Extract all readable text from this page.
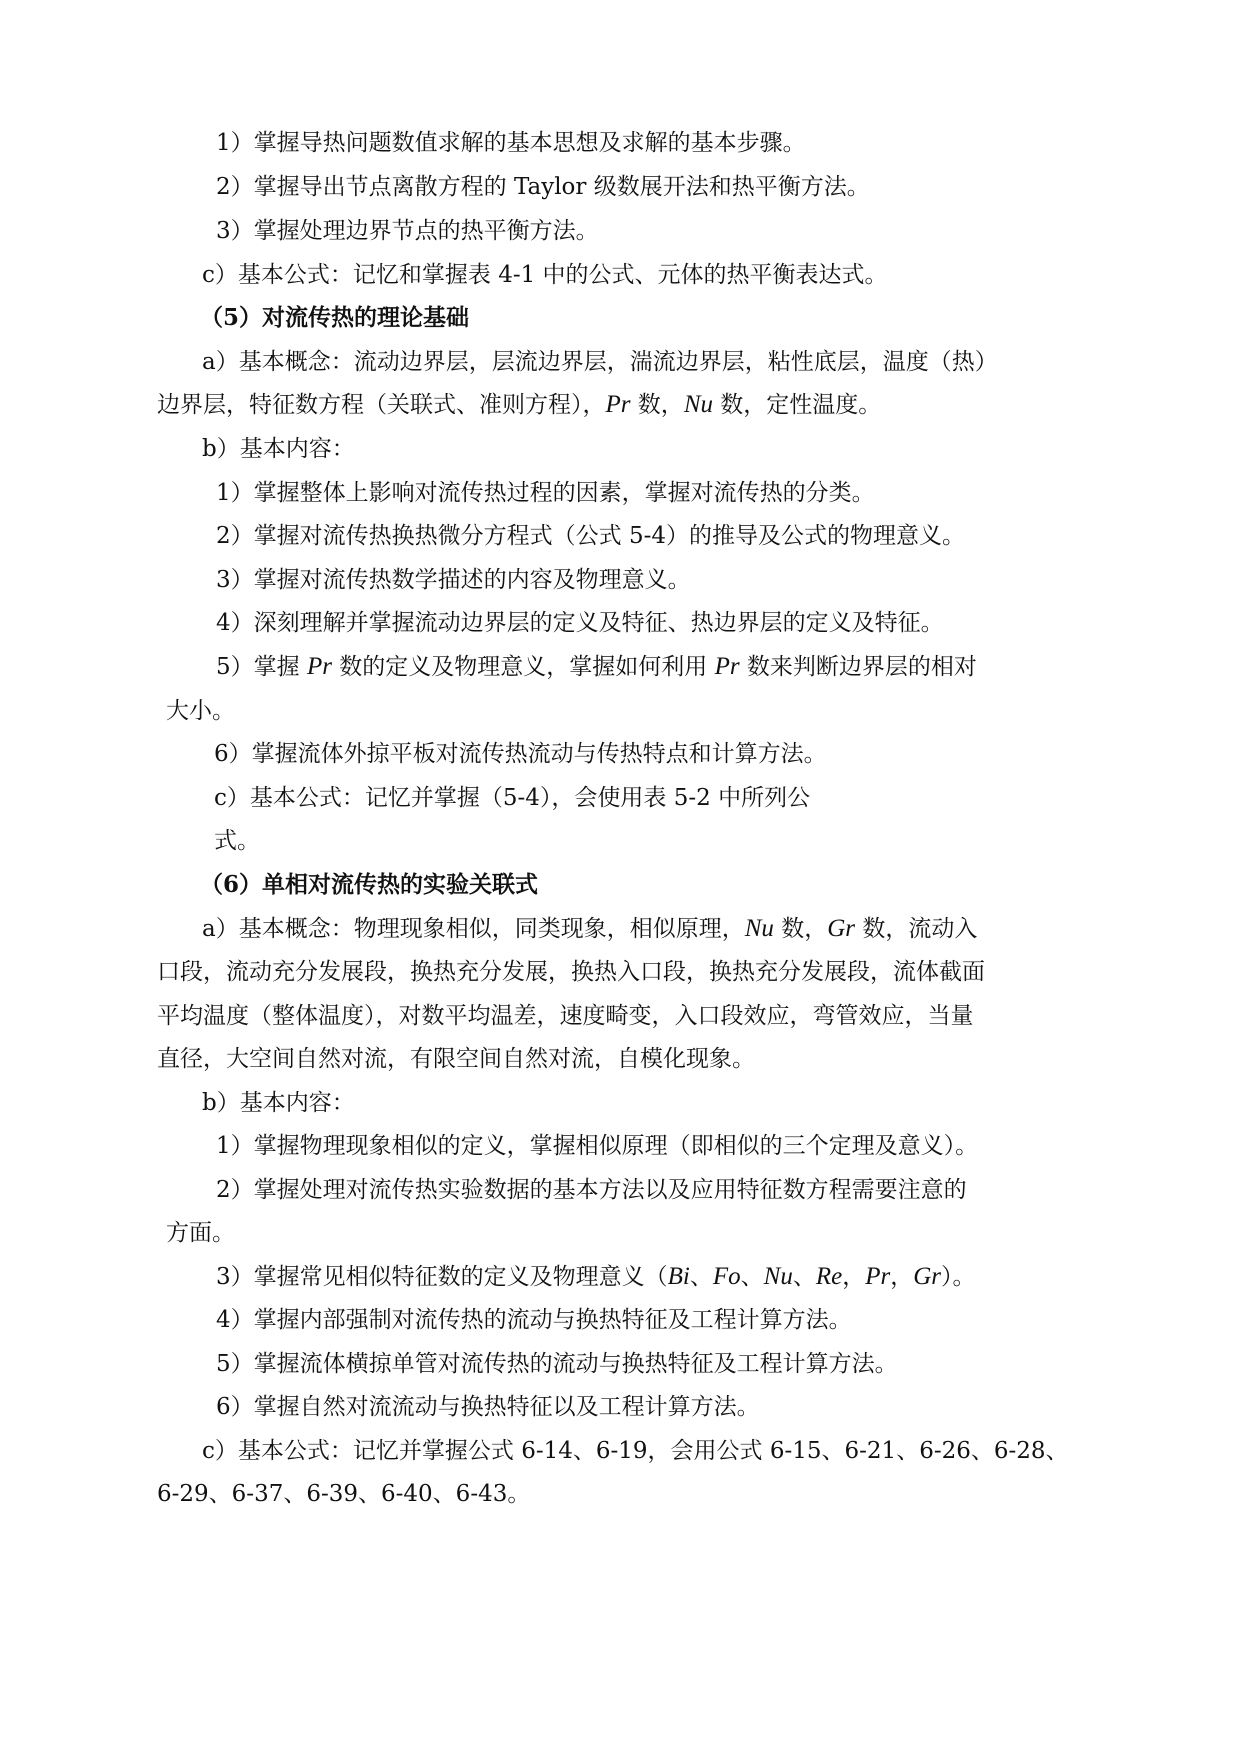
1）掌握导热问题数值求解的基本思想及求解的基本步骤。
2）掌握导出节点离散方程的 Taylor 级数展开法和热平衡方法。
3）掌握处理边界节点的热平衡方法。
c）基本公式：记忆和掌握表 4-1 中的公式、元体的热平衡表达式。
（5）对流传热的理论基础
a）基本概念：流动边界层，层流边界层，湍流边界层，粘性底层，温度（热）
边界层，特征数方程（关联式、准则方程），Pr 数，Nu 数，定性温度。
b）基本内容：
1）掌握整体上影响对流传热过程的因素，掌握对流传热的分类。
2）掌握对流传热换热微分方程式（公式 5-4）的推导及公式的物理意义。
3）掌握对流传热数学描述的内容及物理意义。
4）深刻理解并掌握流动边界层的定义及特征、热边界层的定义及特征。
5）掌握 Pr 数的定义及物理意义，掌握如何利用 Pr 数来判断边界层的相对
大小。
6）掌握流体外掠平板对流传热流动与传热特点和计算方法。
c）基本公式：记忆并掌握（5-4），会使用表 5-2 中所列公
式。
（6）单相对流传热的实验关联式
a）基本概念：物理现象相似，同类现象，相似原理，Nu 数，Gr 数，流动入
口段，流动充分发展段，换热充分发展，换热入口段，换热充分发展段，流体截面
平均温度（整体温度），对数平均温差，速度畸变，入口段效应，弯管效应，当量
直径，大空间自然对流，有限空间自然对流，自模化现象。
b）基本内容：
1）掌握物理现象相似的定义，掌握相似原理（即相似的三个定理及意义）。
2）掌握处理对流传热实验数据的基本方法以及应用特征数方程需要注意的
方面。
3）掌握常见相似特征数的定义及物理意义（Bi、Fo、Nu、Re，Pr，Gr）。
4）掌握内部强制对流传热的流动与换热特征及工程计算方法。
5）掌握流体横掠单管对流传热的流动与换热特征及工程计算方法。
6）掌握自然对流流动与换热特征以及工程计算方法。
c）基本公式：记忆并掌握公式 6-14、6-19，会用公式 6-15、6-21、6-26、6-28、
6-29、6-37、6-39、6-40、6-43。
